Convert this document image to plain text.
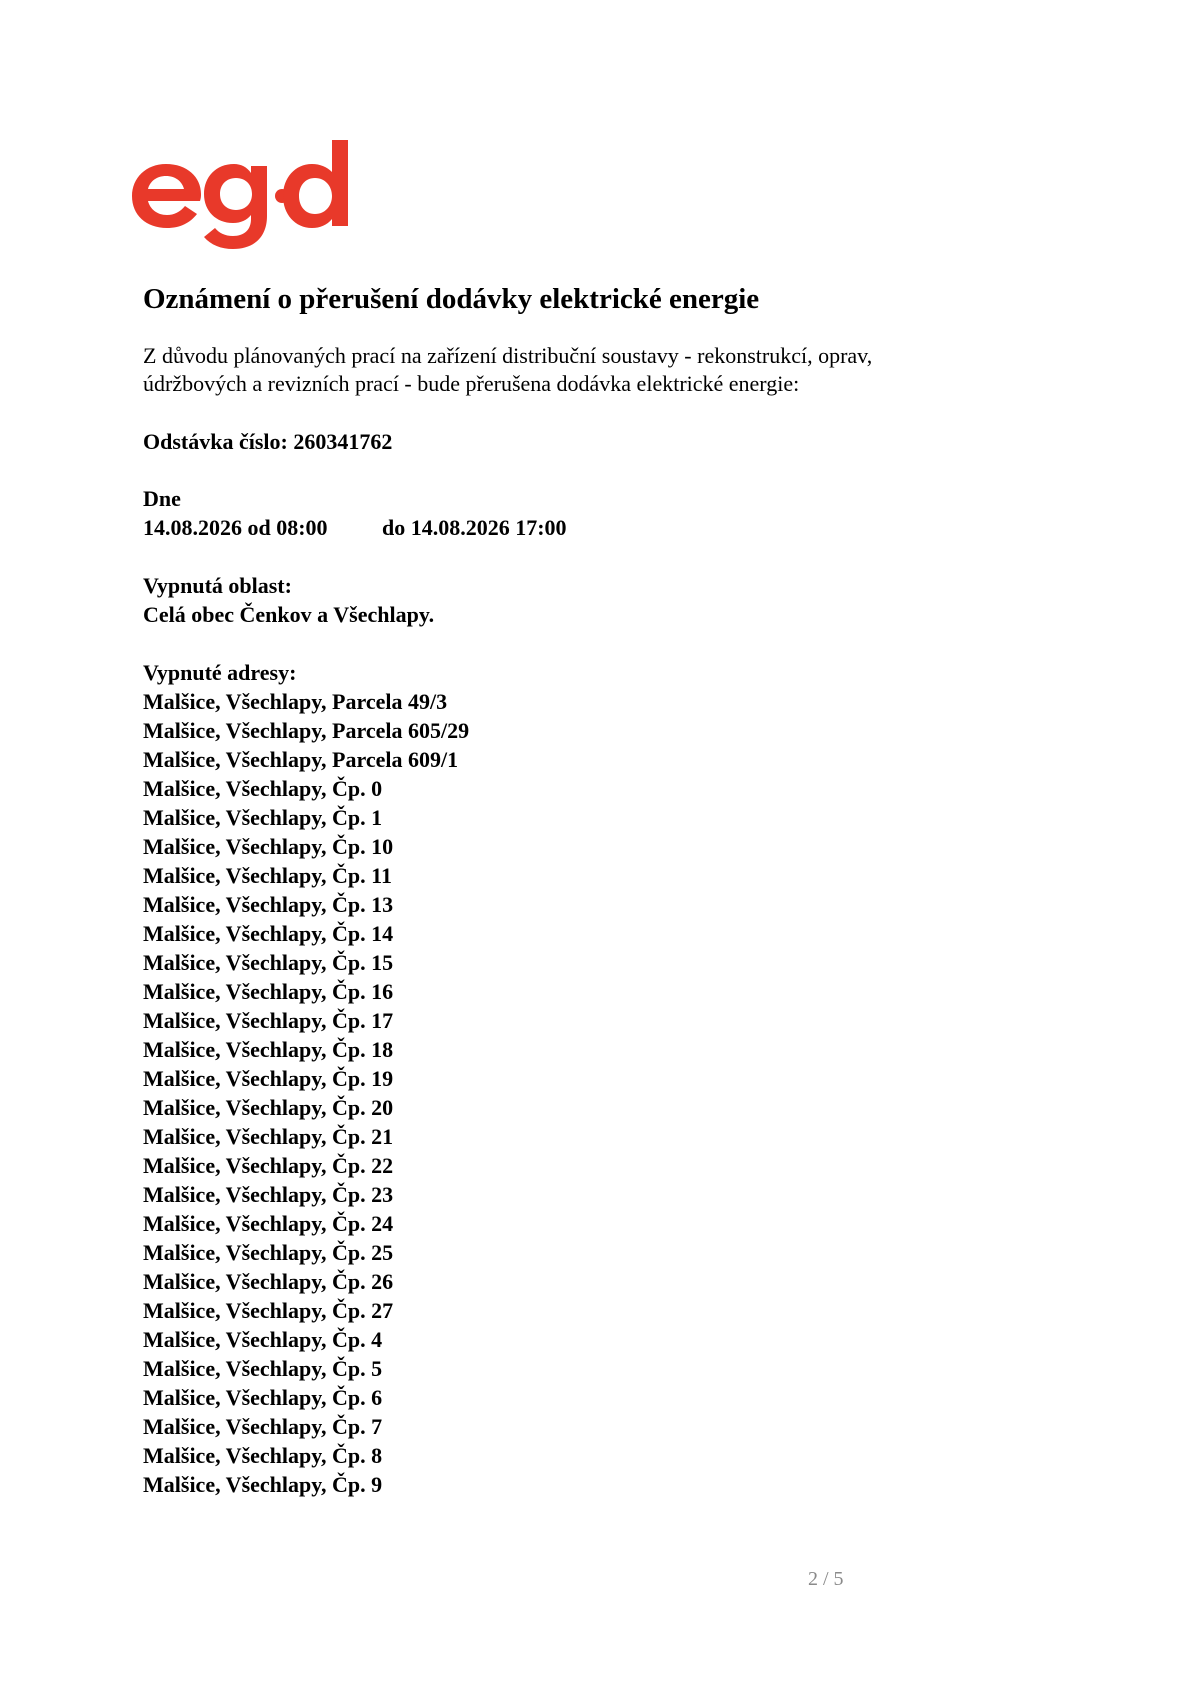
Oznámení o přerušení dodávky elektrické energie

Z důvodu plánovaných prací na zařízení distribuční soustavy - rekonstrukcí, oprav, údržbových a revizních prací - bude přerušena dodávka elektrické energie:

Odstávka číslo: 260341762
Dne
14.08.2026 od 08:00	do 14.08.2026 17:00
Vypnutá oblast:
Celá obec Čenkov a Všechlapy.
Vypnuté adresy:
Malšice, Všechlapy, Parcela 49/3
Malšice, Všechlapy, Parcela 605/29
Malšice, Všechlapy, Parcela 609/1
Malšice, Všechlapy, Čp. 0
Malšice, Všechlapy, Čp. 1
Malšice, Všechlapy, Čp. 10
Malšice, Všechlapy, Čp. 11
Malšice, Všechlapy, Čp. 13
Malšice, Všechlapy, Čp. 14
Malšice, Všechlapy, Čp. 15
Malšice, Všechlapy, Čp. 16
Malšice, Všechlapy, Čp. 17
Malšice, Všechlapy, Čp. 18
Malšice, Všechlapy, Čp. 19
Malšice, Všechlapy, Čp. 20
Malšice, Všechlapy, Čp. 21
Malšice, Všechlapy, Čp. 22
Malšice, Všechlapy, Čp. 23
Malšice, Všechlapy, Čp. 24
Malšice, Všechlapy, Čp. 25
Malšice, Všechlapy, Čp. 26
Malšice, Všechlapy, Čp. 27
Malšice, Všechlapy, Čp. 4
Malšice, Všechlapy, Čp. 5
Malšice, Všechlapy, Čp. 6
Malšice, Všechlapy, Čp. 7
Malšice, Všechlapy, Čp. 8
Malšice, Všechlapy, Čp. 9
2 / 5
